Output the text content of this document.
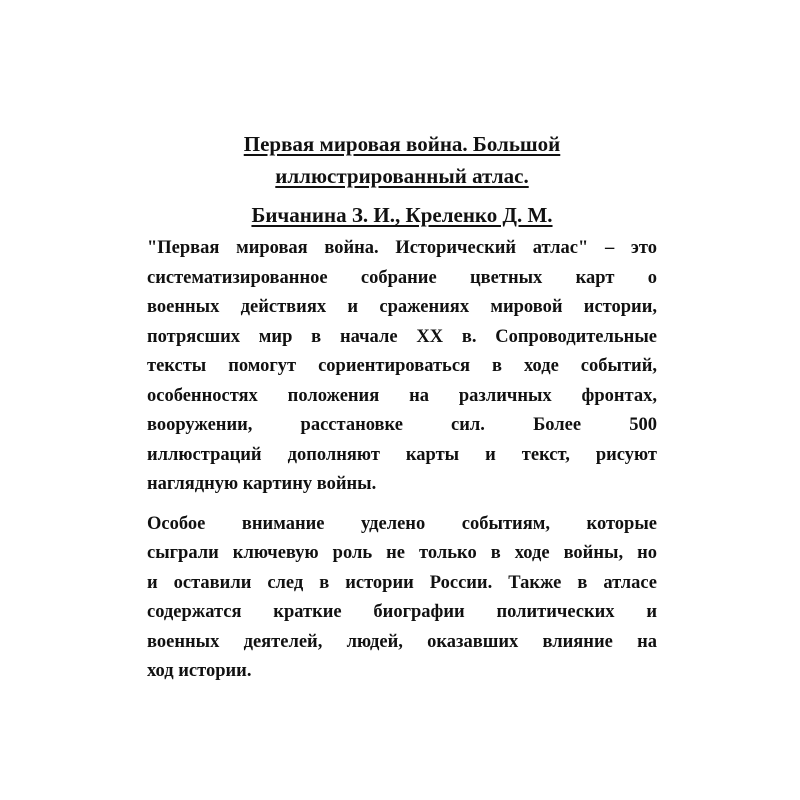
Первая мировая война. Большой
иллюстрированный атлас.
Бичанина З. И., Креленко Д. М.

"Первая мировая война. Исторический атлас" – это
систематизированное собрание цветных карт о
военных действиях и сражениях мировой истории,
потрясших мир в начале XX в. Сопроводительные
тексты помогут сориентироваться в ходе событий,
особенностях положения на различных фронтах,
вооружении, расстановке сил. Более 500
иллюстраций дополняют карты и текст, рисуют
наглядную картину войны.

Особое внимание уделено событиям, которые
сыграли ключевую роль не только в ходе войны, но
и оставили след в истории России. Также в атласе
содержатся краткие биографии политических и
военных деятелей, людей, оказавших влияние на
ход истории.
